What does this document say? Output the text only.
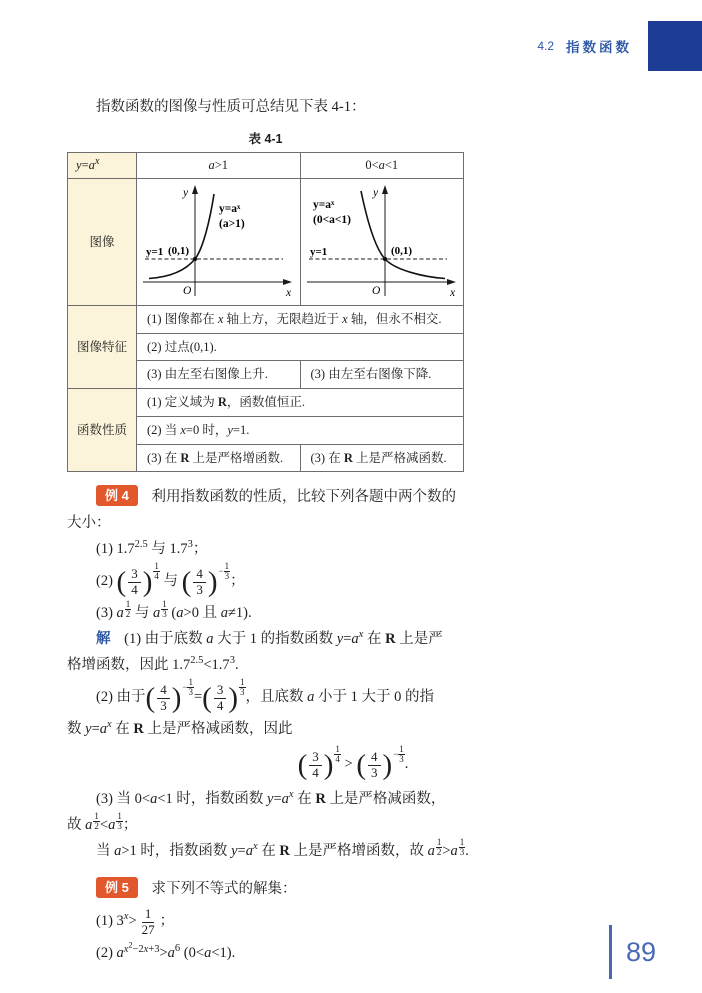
4.2 指数函数

指数函数的图像与性质可总结见下表 4-1：

表 4-1
$y=a^x$	a>1	0<a<1
图像	
y=aˣ
(a>1)
y=1 (0,1)
y
x
O

y=aˣ
(0<a<1)
y=1	(0,1)
y
x
O

图像特征	(1) 图像都在 x 轴上方，无限趋近于 x 轴，但永不相交.	
	(2) 过点(0,1).	
	(3) 由左至右图像上升.	(3) 由左至右图像下降.
函数性质	(1) 定义域为 R，函数值恒正.	
	(2) 当 x=0 时，y=1.	
	(3) 在 R 上是严格增函数.	(3) 在 R 上是严格减函数.

例 4 利用指数函数的性质，比较下列各题中两个数的

大小：

(1) $1.7^{2.5}$ 与 $1.7^3$；

(2) ( $\frac{3}{4}$ )
1
4 与 ( $\frac{4}{3}$ )− 1
3 ；

(3) a
1
2 与 a
1
3 (a>0 且 a≠1).

解 (1) 由于底数 a 大于 1 的指数函数 $y=a^x$ 在 R 上是严

格增函数，因此 $1.7^{2.5}<1.7^3$.

(2) 由于( $\frac{4}{3}$ )− 1
3 =( $\frac{3}{4}$ )
1
3 ，且底数 a 小于 1 大于 0 的指

数 $y=a^x$ 在 R 上是严格减函数，因此

( $\frac{3}{4}$ )
1
4 > ( $\frac{4}{3}$ )− 1
3 .

(3) 当 0<a<1 时，指数函数 $y=a^x$ 在 R 上是严格减函数，

故 a
1
2 <a
1
3 ；

当 a>1 时，指数函数 $y=a^x$ 在 R 上是严格增函数，故 a
1
2 >a
1
3 .

例 5 求下列不等式的解集：

(1) $3^x> \frac{1}{27}$ ；

(2) $a^{x^2-2x+3}>a^6$ (0<a<1).	89
